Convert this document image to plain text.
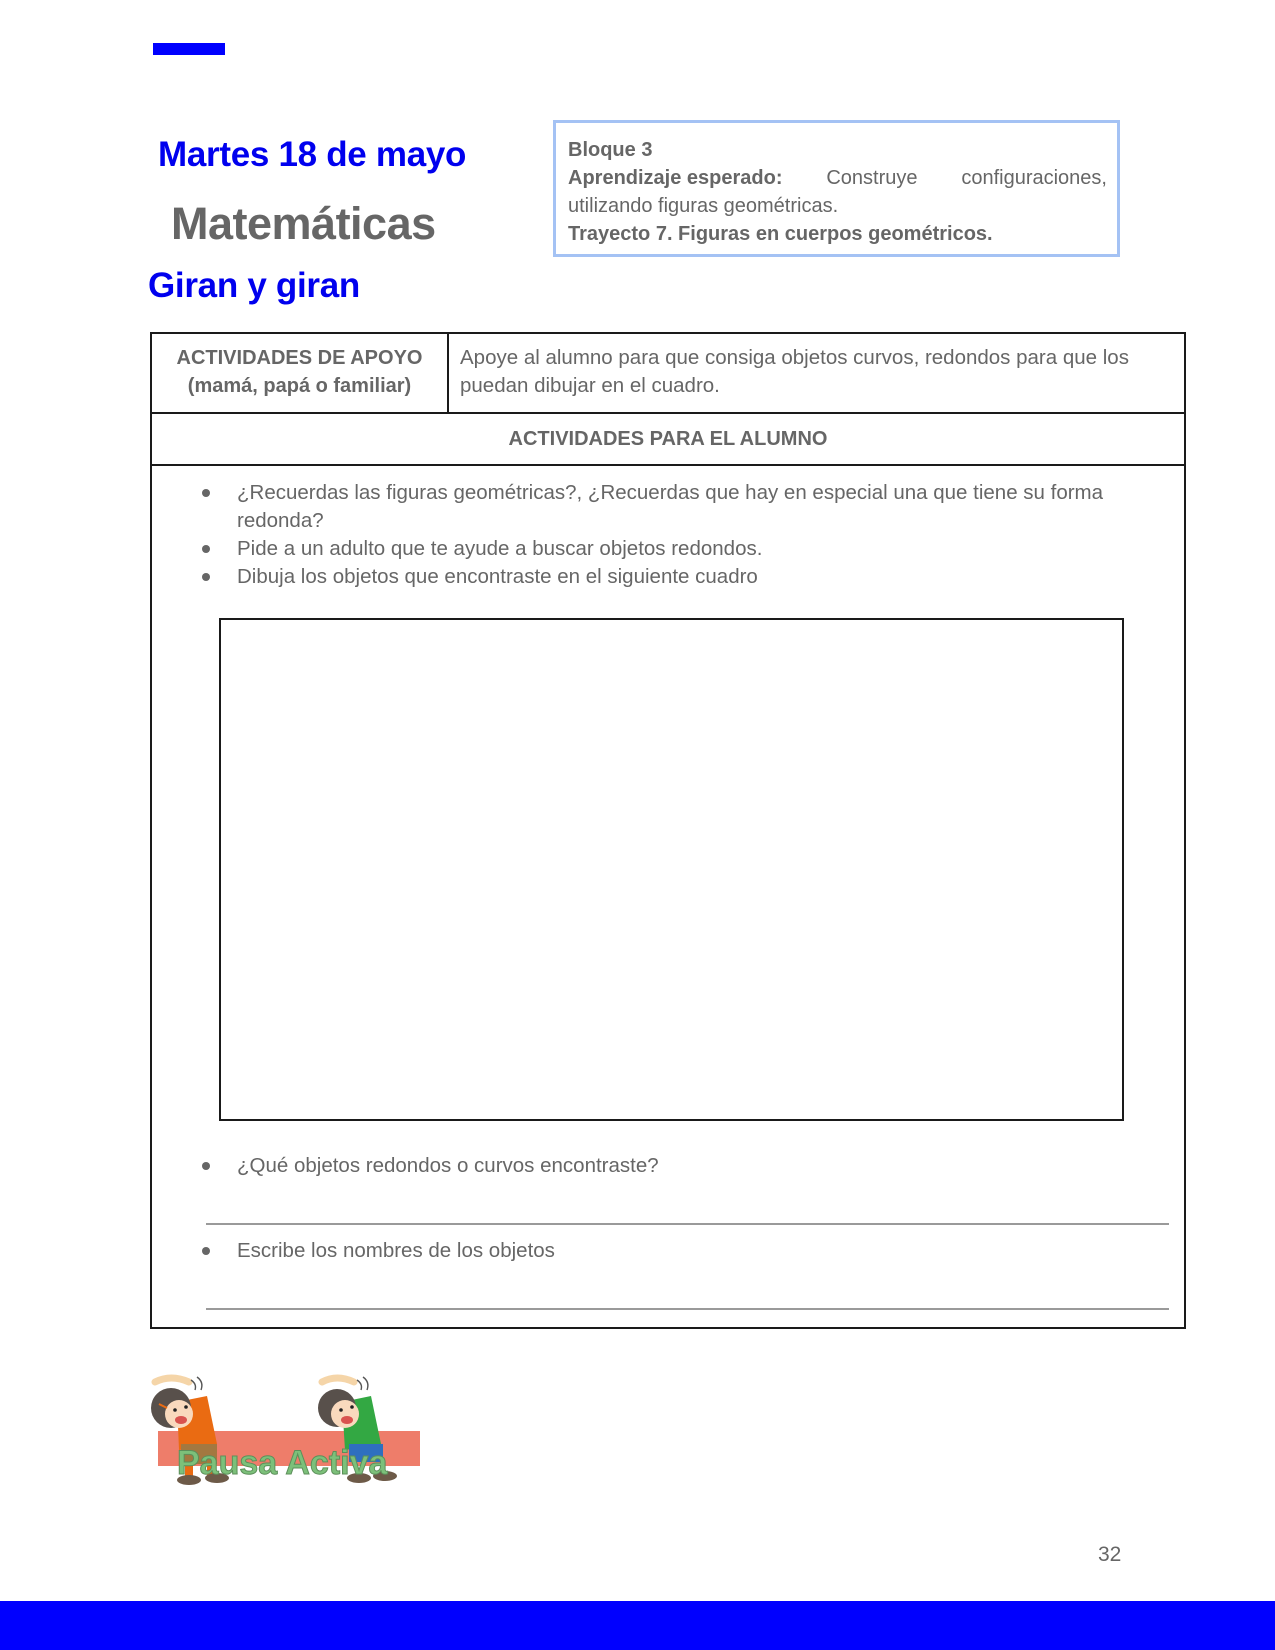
Martes 18 de mayo
Matemáticas
Giran y giran
Bloque 3
Aprendizaje esperado: Construye configuraciones,
utilizando figuras geométricas.
Trayecto 7. Figuras en cuerpos geométricos.
ACTIVIDADES DE APOYO
(mamá, papá o familiar)
Apoye al alumno para que consiga objetos curvos, redondos para que los puedan dibujar en el cuadro.
ACTIVIDADES PARA EL ALUMNO
¿Recuerdas las figuras geométricas?, ¿Recuerdas que hay en especial una que tiene su forma redonda?
Pide a un adulto que te ayude a buscar objetos redondos.
Dibuja los objetos que encontraste en el siguiente cuadro
¿Qué objetos redondos o curvos encontraste?
Escribe los nombres de los objetos
Pausa Activa
32
